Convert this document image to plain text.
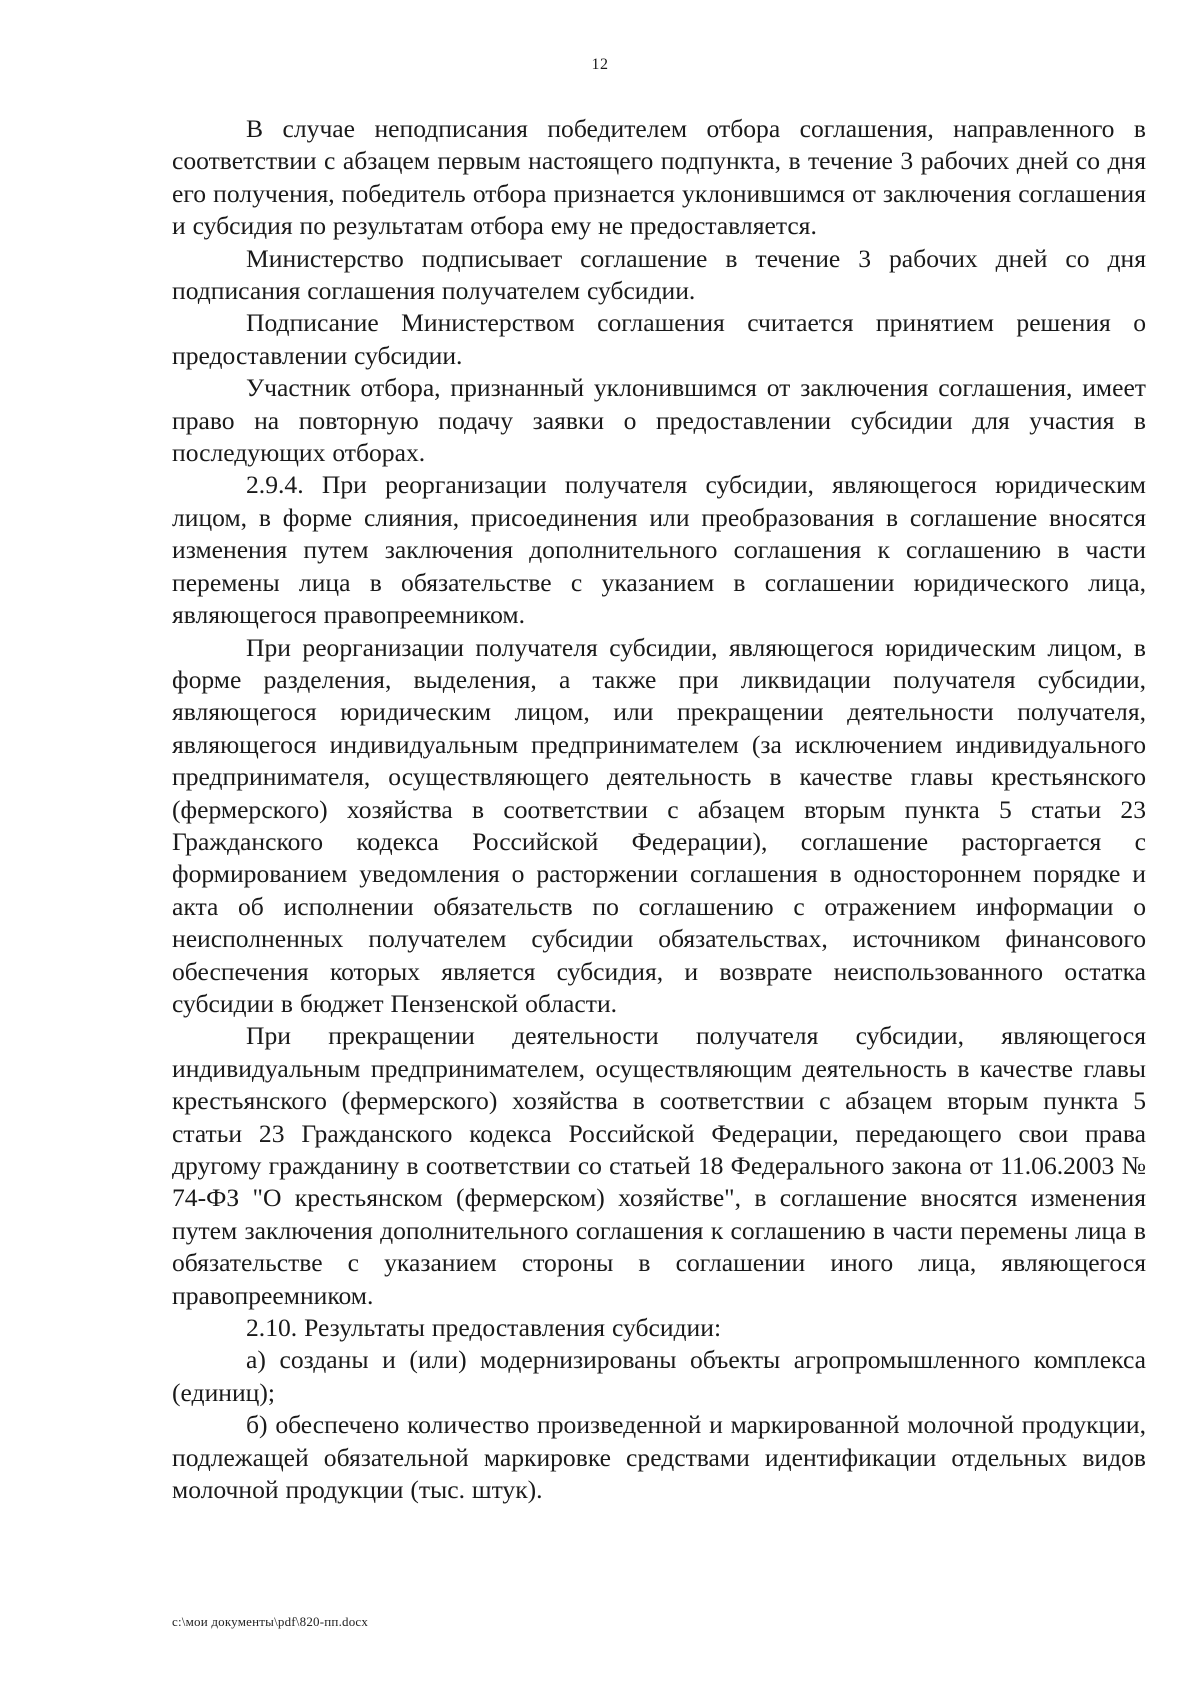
12

В случае неподписания победителем отбора соглашения, направленного в соответствии с абзацем первым настоящего подпункта, в течение 3 рабочих дней со дня его получения, победитель отбора признается уклонившимся от заключения соглашения и субсидия по результатам отбора ему не предоставляется.

Министерство подписывает соглашение в течение 3 рабочих дней со дня подписания соглашения получателем субсидии.

Подписание Министерством соглашения считается принятием решения о предоставлении субсидии.

Участник отбора, признанный уклонившимся от заключения соглашения, имеет право на повторную подачу заявки о предоставлении субсидии для участия в последующих отборах.

2.9.4. При реорганизации получателя субсидии, являющегося юридическим лицом, в форме слияния, присоединения или преобразования в соглашение вносятся изменения путем заключения дополнительного соглашения к соглашению в части перемены лица в обязательстве с указанием в соглашении юридического лица, являющегося правопреемником.

При реорганизации получателя субсидии, являющегося юридическим лицом, в форме разделения, выделения, а также при ликвидации получателя субсидии, являющегося юридическим лицом, или прекращении деятельности получателя, являющегося индивидуальным предпринимателем (за исключением индивидуального предпринимателя, осуществляющего деятельность в качестве главы крестьянского (фермерского) хозяйства в соответствии с абзацем вторым пункта 5 статьи 23 Гражданского кодекса Российской Федерации), соглашение расторгается с формированием уведомления о расторжении соглашения в одностороннем порядке и акта об исполнении обязательств по соглашению с отражением информации о неисполненных получателем субсидии обязательствах, источником финансового обеспечения которых является субсидия, и возврате неиспользованного остатка субсидии в бюджет Пензенской области.

При прекращении деятельности получателя субсидии, являющегося индивидуальным предпринимателем, осуществляющим деятельность в качестве главы крестьянского (фермерского) хозяйства в соответствии с абзацем вторым пункта 5 статьи 23 Гражданского кодекса Российской Федерации, передающего свои права другому гражданину в соответствии со статьей 18 Федерального закона от 11.06.2003 № 74-ФЗ "О крестьянском (фермерском) хозяйстве", в соглашение вносятся изменения путем заключения дополнительного соглашения к соглашению в части перемены лица в обязательстве с указанием стороны в соглашении иного лица, являющегося правопреемником.

2.10. Результаты предоставления субсидии:

а) созданы и (или) модернизированы объекты агропромышленного комплекса (единиц);

б) обеспечено количество произведенной и маркированной молочной продукции, подлежащей обязательной маркировке средствами идентификации отдельных видов молочной продукции (тыс. штук).

c:\мои документы\pdf\820-пп.docx
